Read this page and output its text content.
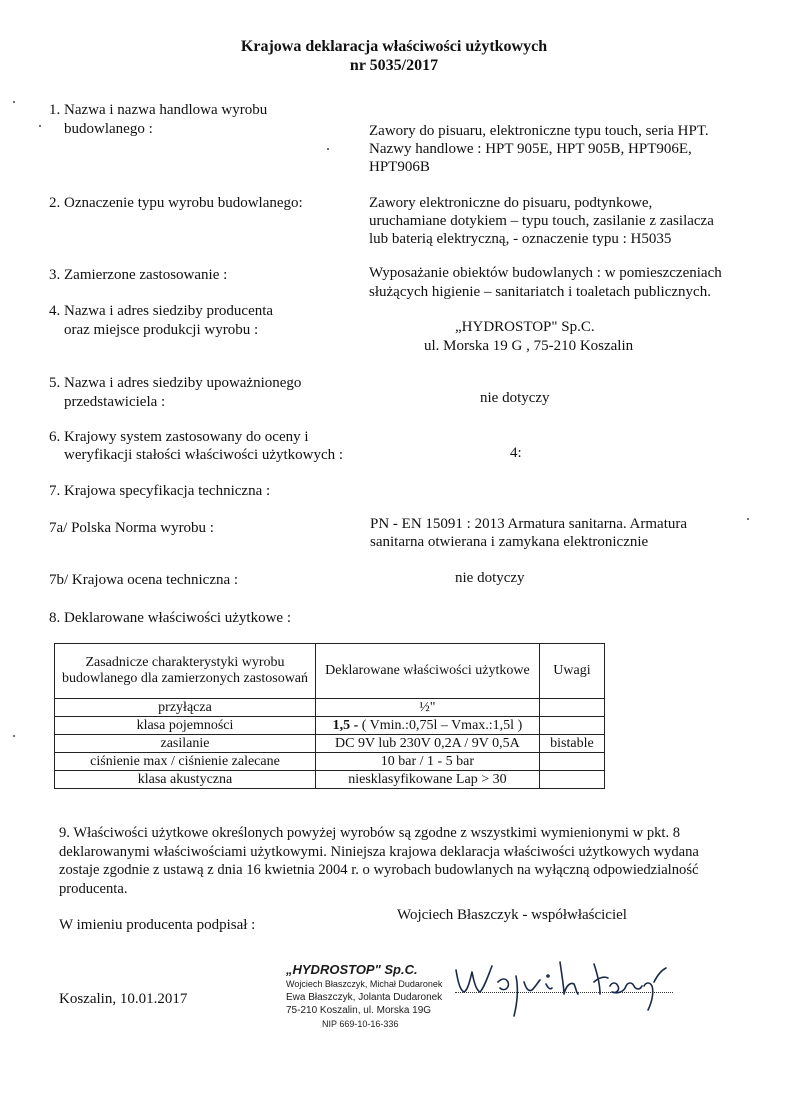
Krajowa deklaracja właściwości użytkowych
nr 5035/2017
1. Nazwa i nazwa handlowa wyrobu
budowlanego :	Zawory do pisuaru, elektroniczne typu touch, seria HPT.
Nazwy handlowe : HPT 905E, HPT 905B, HPT906E,
HPT906B
2. Oznaczenie typu wyrobu budowlanego:	Zawory elektroniczne do pisuaru, podtynkowe,
uruchamiane dotykiem – typu touch, zasilanie z zasilacza
lub baterią elektryczną, - oznaczenie typu : H5035
3. Zamierzone zastosowanie :	Wyposażanie obiektów budowlanych : w pomieszczeniach
służących higienie – sanitariatch i toaletach publicznych.
4. Nazwa i adres siedziby producenta
oraz miejsce produkcji wyrobu :	„HYDROSTOP" Sp.C.
ul. Morska 19 G , 75-210 Koszalin
5. Nazwa i adres siedziby upoważnionego
przedstawiciela :	nie dotyczy
6. Krajowy system zastosowany do oceny i
weryfikacji stałości właściwości użytkowych :	4:
7. Krajowa specyfikacja techniczna :
7a/ Polska Norma wyrobu :	PN - EN 15091 : 2013 Armatura sanitarna. Armatura
sanitarna otwierana i zamykana elektronicznie
7b/ Krajowa ocena techniczna :	nie dotyczy
8. Deklarowane właściwości użytkowe :
Zasadnicze charakterystyki wyrobu budowlanego dla zamierzonych zastosowań	Deklarowane właściwości użytkowe	Uwagi
przyłącza	½"	
klasa pojemności	1,5 - ( Vmin.:0,75l – Vmax.:1,5l )	
zasilanie	DC 9V lub 230V 0,2A / 9V 0,5A	bistable
ciśnienie max / ciśnienie zalecane	10 bar / 1 - 5 bar	
klasa akustyczna	niesklasyfikowane Lap > 30	
9. Właściwości użytkowe określonych powyżej wyrobów są zgodne z wszystkimi wymienionymi w pkt. 8
deklarowanymi właściwościami użytkowymi. Niniejsza krajowa deklaracja właściwości użytkowych wydana
zostaje zgodnie z ustawą z dnia 16 kwietnia 2004 r. o wyrobach budowlanych na wyłączną odpowiedzialność
producenta.
W imieniu producenta podpisał :
Wojciech Błaszczyk - współwłaściciel
Koszalin, 10.01.2017
„HYDROSTOP" Sp.C.
Wojciech Błaszczyk, Michał Dudaronek
Ewa Błaszczyk, Jolanta Dudaronek
75-210 Koszalin, ul. Morska 19G
NIP 669-10-16-336
